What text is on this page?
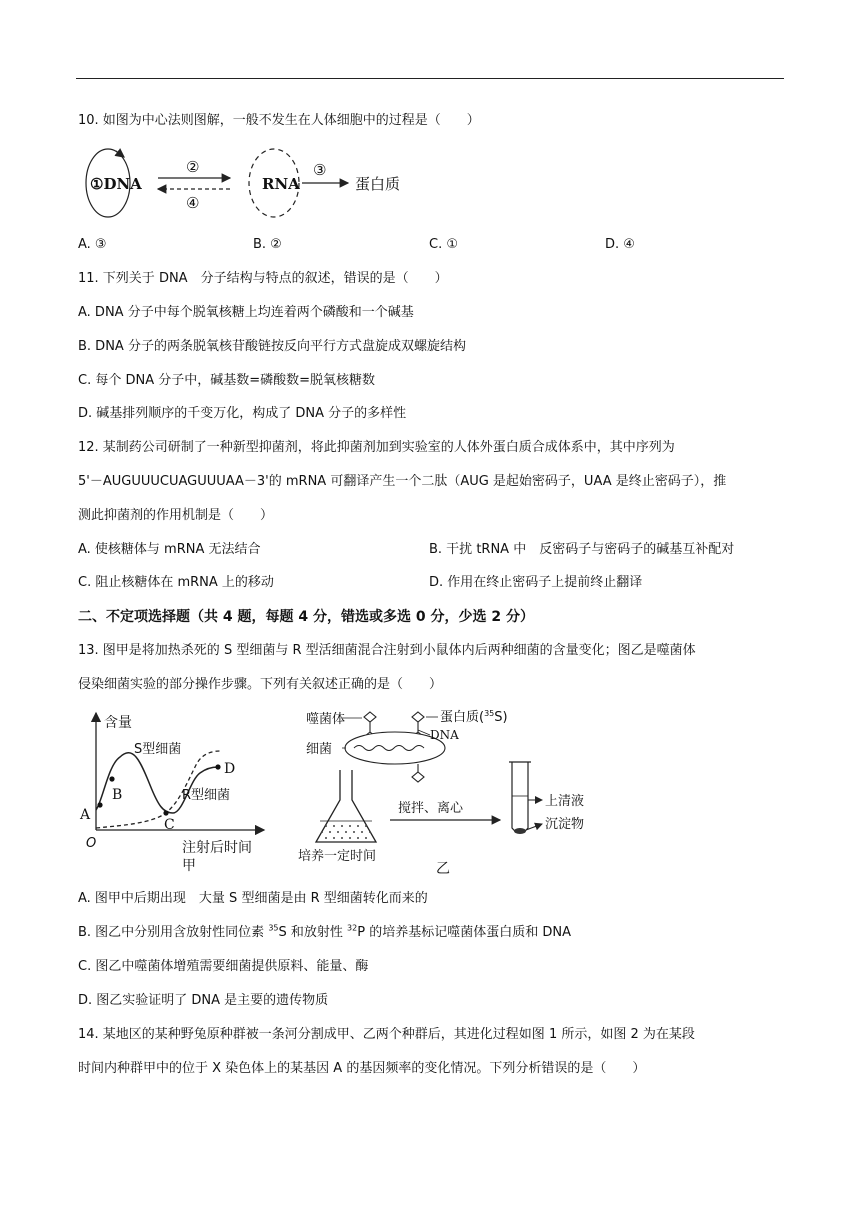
10. 如图为中心法则图解，一般不发生在人体细胞中的过程是（　　）
①DNA
②
④
RNA
③
蛋白质
A. ③	B. ②	C. ①	D. ④
11. 下列关于 DNA　分子结构与特点的叙述，错误的是（　　）
A. DNA 分子中每个脱氧核糖上均连着两个磷酸和一个碱基
B. DNA 分子的两条脱氧核苷酸链按反向平行方式盘旋成双螺旋结构
C. 每个 DNA 分子中，碱基数=磷酸数=脱氧核糖数
D. 碱基排列顺序的千变万化，构成了 DNA 分子的多样性
12. 某制药公司研制了一种新型抑菌剂，将此抑菌剂加到实验室的人体外蛋白质合成体系中，其中序列为
5'－AUGUUUCUAGUUUAA－3'的 mRNA 可翻译产生一个二肽（AUG 是起始密码子，UAA 是终止密码子），推
测此抑菌剂的作用机制是（　　）
A. 使核糖体与 mRNA 无法结合	B. 干扰 tRNA 中　反密码子与密码子的碱基互补配对
C. 阻止核糖体在 mRNA 上的移动	D. 作用在终止密码子上提前终止翻译
二、不定项选择题（共 4 题，每题 4 分，错选或多选 0 分，少选 2 分）
13. 图甲是将加热杀死的 S 型细菌与 R 型活细菌混合注射到小鼠体内后两种细菌的含量变化；图乙是噬菌体
侵染细菌实验的部分操作步骤。下列有关叙述正确的是（　　）
含量
O
A
B
C
D
S型细菌
R型细菌
注射后时间
甲
噬菌体
细菌
蛋白质($^{35}$S)
DNA
培养一定时间
乙
搅拌、离心	上清液
沉淀物
A. 图甲中后期出现　大量 S 型细菌是由 R 型细菌转化而来的
B. 图乙中分别用含放射性同位素 $^{35}$S 和放射性 $^{32}$P 的培养基标记噬菌体蛋白质和 DNA
C. 图乙中噬菌体增殖需要细菌提供原料、能量、酶
D. 图乙实验证明了 DNA 是主要的遗传物质
14. 某地区的某种野兔原种群被一条河分割成甲、乙两个种群后，其进化过程如图 1 所示，如图 2 为在某段
时间内种群甲中的位于 X 染色体上的某基因 A 的基因频率的变化情况。下列分析错误的是（　　）
